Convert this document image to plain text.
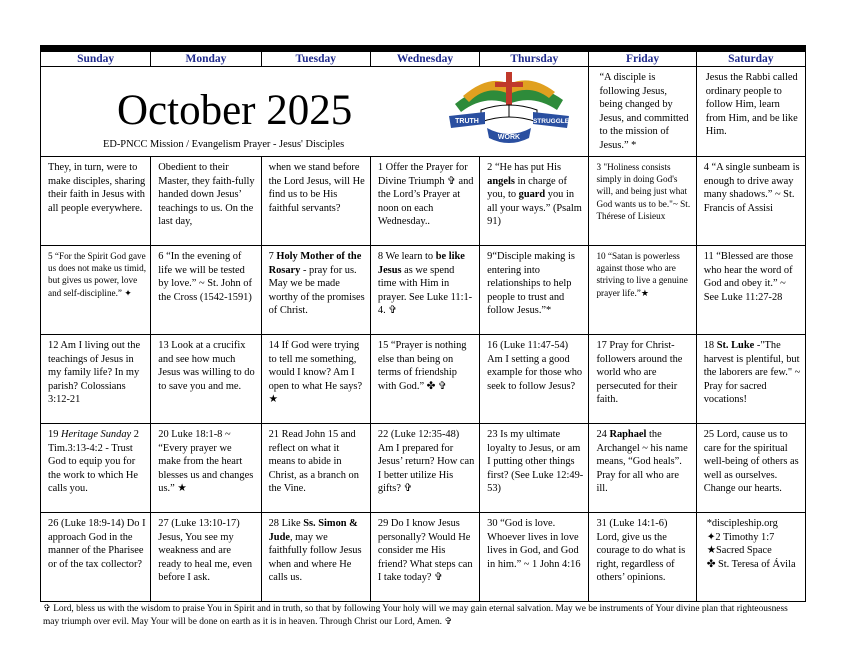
Sunday	Monday	Tuesday	Wednesday	Thursday	Friday	Saturday

October 2025
ED-PNCC Mission / Evangelism Prayer - Jesus' Disciples
TRUTH STRUGGLE
WORK					“A disciple is following Jesus, being changed by Jesus, and committed to the mission of Jesus.” *	Jesus the Rabbi called ordinary people to follow Him, learn from Him, and be like Him.

They, in turn, were to make disciples, sharing their faith in Jesus with all people everywhere.	Obedient to their Master, they faith-fully handed down Jesus’ teachings to us. On the last day,	when we stand before the Lord Jesus, will He find us to be His faithful servants?	1 Offer the Prayer for Divine Triumph ✞ and the Lord’s Prayer at noon on each Wednesday..	2 “He has put His angels in charge of you, to guard you in all your ways.” (Psalm 91)	3 "Holiness consists simply in doing God's will, and being just what God wants us to be."~ St. Thérese of Lisieux	4 “A single sunbeam is enough to drive away many shadows.” ~ St. Francis of Assisi

5 “For the Spirit God gave us does not make us timid, but gives us power, love and self-discipline.” ✦	6 “In the evening of life we will be tested by love.” ~ St. John of the Cross (1542-1591)	7 Holy Mother of the Rosary - pray for us. May we be made worthy of the promises of Christ.	8 We learn to be like Jesus as we spend time with Him in prayer. See Luke 11:1-4. ✞	9“Disciple making is entering into relationships to help people to trust and follow Jesus.”*	10 “Satan is powerless against those who are striving to live a genuine prayer life.”★	11 “Blessed are those who hear the word of God and obey it.” ~ See Luke 11:27-28

12 Am I living out the teachings of Jesus in my family life? In my parish? Colossians 3:12-21	13 Look at a crucifix and see how much Jesus was willing to do to save you and me.	14 If God were trying to tell me something, would I know? Am I open to what He says?★	15 “Prayer is nothing else than being on terms of friendship with God.” ✤ ✞	16 (Luke 11:47-54) Am I setting a good example for those who seek to follow Jesus?	17 Pray for Christ-followers around the world who are persecuted for their faith.	18 St. Luke -"The harvest is plentiful, but the laborers are few." ~ Pray for sacred vocations!

19 Heritage Sunday 2 Tim.3:13-4:2 - Trust God to equip you for the work to which He calls you.	20 Luke 18:1-8 ~ “Every prayer we make from the heart blesses us and changes us.” ★	21 Read John 15 and reflect on what it means to abide in Christ, as a branch on the Vine.	22 (Luke 12:35-48) Am I prepared for Jesus’ return? How can I better utilize His gifts? ✞	23 Is my ultimate loyalty to Jesus, or am I putting other things first? (See Luke 12:49-53)	24 Raphael the Archangel ~ his name means, “God heals”. Pray for all who are ill.	25 Lord, cause us to care for the spiritual well-being of others as well as ourselves. Change our hearts.

26 (Luke 18:9-14) Do I approach God in the manner of the Pharisee or of the tax collector?	27 (Luke 13:10-17) Jesus, You see my weakness and are ready to heal me, even before I ask.	28 Like Ss. Simon & Jude, may we faithfully follow Jesus when and where He calls us.	29 Do I know Jesus personally? Would He consider me His friend? What steps can I take today? ✞	30 “God is love. Whoever lives in love lives in God, and God in him.” ~ 1 John 4:16	31 (Luke 14:1-6) Lord, give us the courage to do what is right, regardless of others’ opinions.	*discipleship.org
✦2 Timothy 1:7
★Sacred Space
✤ St. Teresa of Ávila
✞ Lord, bless us with the wisdom to praise You in Spirit and in truth, so that by following Your holy will we may gain eternal salvation. May we be instruments of Your divine plan that righteousness may triumph over evil. May Your will be done on earth as it is in heaven. Through Christ our Lord, Amen. ✞
